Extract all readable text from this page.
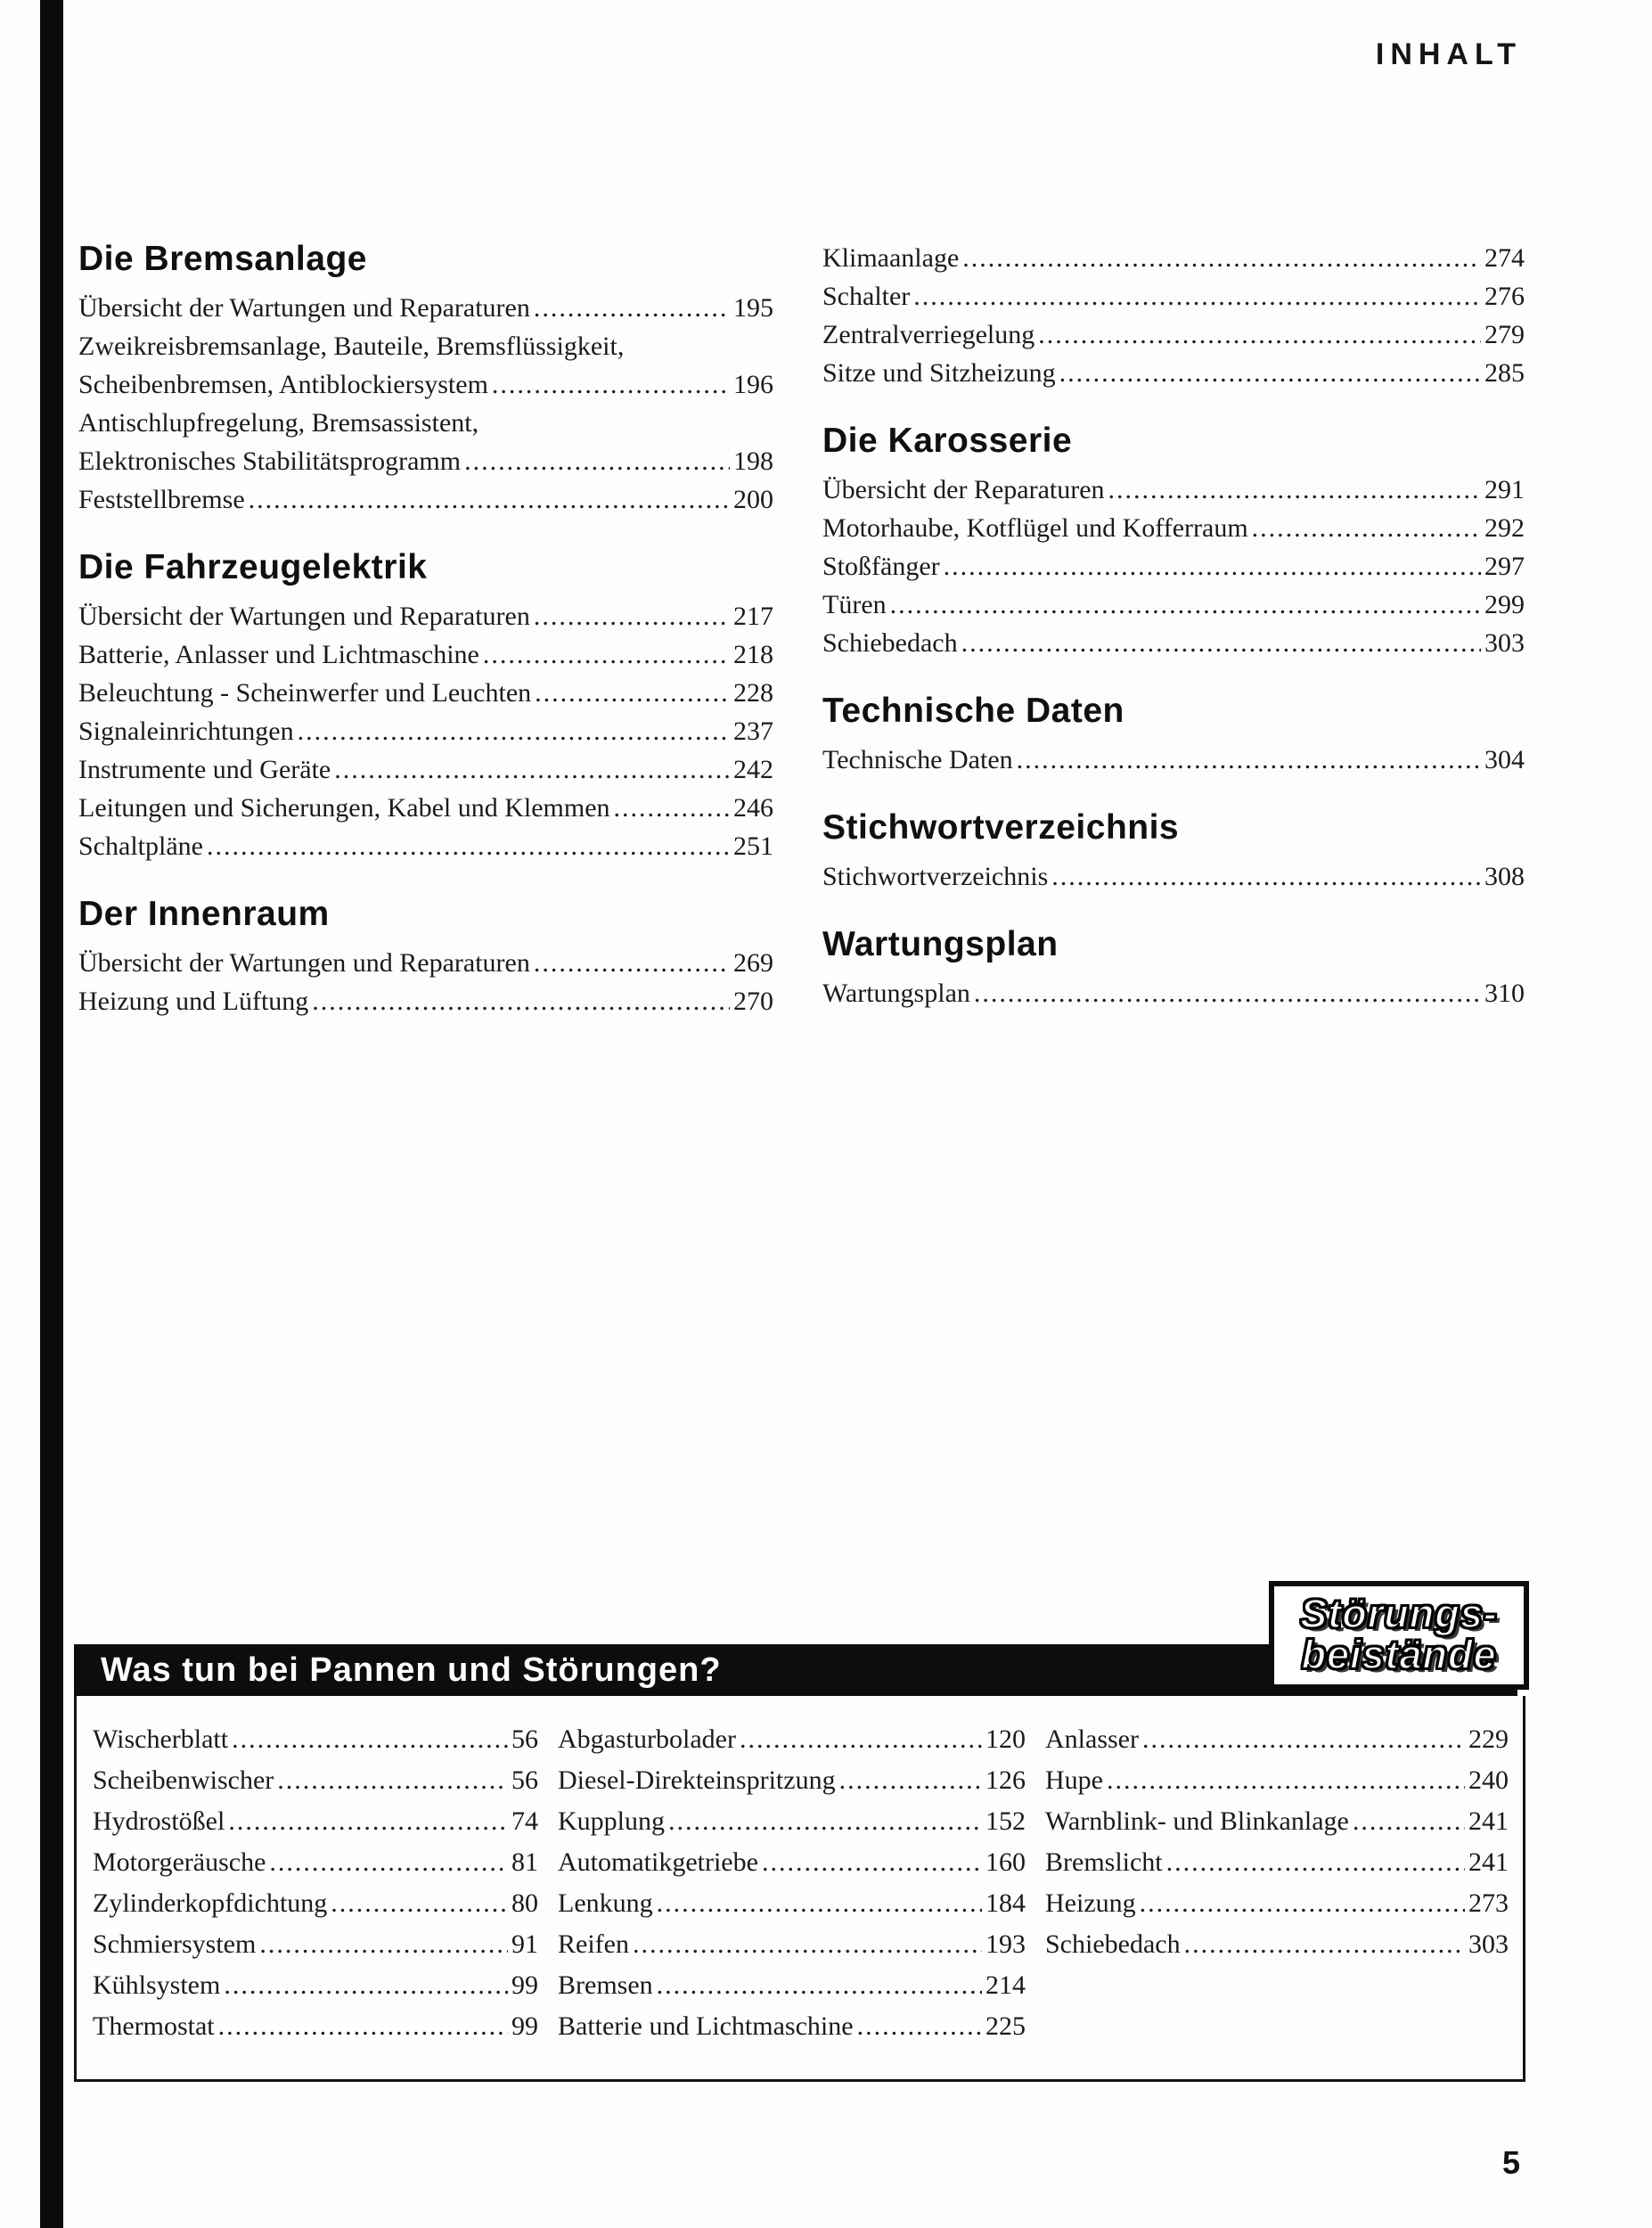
INHALT
Die Bremsanlage
Übersicht der Wartungen und Reparaturen .....	195
Zweikreisbremsanlage, Bauteile, Bremsflüssigkeit,
Scheibenbremsen, Antiblockiersystem .....	196
Antischlupfregelung, Bremsassistent,
Elektronisches Stabilitätsprogramm .....	198
Feststellbremse .....	200
Die Fahrzeugelektrik
Übersicht der Wartungen und Reparaturen .....	217
Batterie, Anlasser und Lichtmaschine .....	218
Beleuchtung - Scheinwerfer und Leuchten .....	228
Signaleinrichtungen .....	237
Instrumente und Geräte .....	242
Leitungen und Sicherungen, Kabel und Klemmen .....	246
Schaltpläne .....	251
Der Innenraum
Übersicht der Wartungen und Reparaturen .....	269
Heizung und Lüftung .....	270
Klimaanlage .....	274
Schalter .....	276
Zentralverriegelung .....	279
Sitze und Sitzheizung .....	285
Die Karosserie
Übersicht der Reparaturen .....	291
Motorhaube, Kotflügel und Kofferraum .....	292
Stoßfänger .....	297
Türen .....	299
Schiebedach .....	303
Technische Daten
Technische Daten .....	304
Stichwortverzeichnis
Stichwortverzeichnis .....	308
Wartungsplan
Wartungsplan .....	310
Störungs-
beistände
Was tun bei Pannen und Störungen?
Wischerblatt .....	56
Scheibenwischer .....	56
Hydrostößel .....	74
Motorgeräusche .....	81
Zylinderkopfdichtung .....	80
Schmiersystem .....	91
Kühlsystem .....	99
Thermostat .....	99
Abgasturbolader .....	120
Diesel-Direkteinspritzung .....	126
Kupplung .....	152
Automatikgetriebe .....	160
Lenkung .....	184
Reifen .....	193
Bremsen .....	214
Batterie und Lichtmaschine .....	225
Anlasser .....	229
Hupe .....	240
Warnblink- und Blinkanlage .....	241
Bremslicht .....	241
Heizung .....	273
Schiebedach .....	303
5
